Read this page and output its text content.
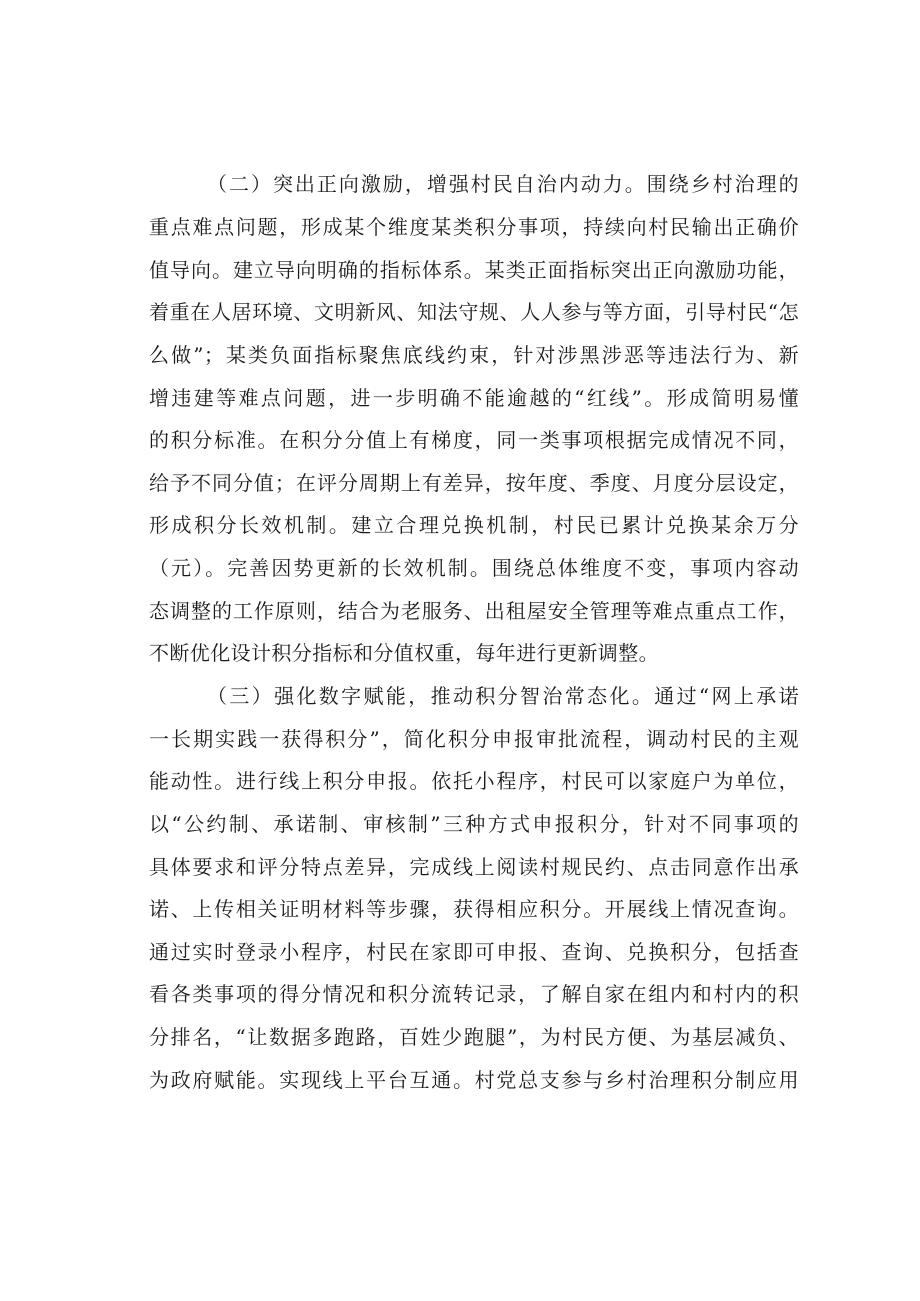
（二）突出正向激励，增强村民自治内动力。围绕乡村治理的
重点难点问题，形成某个维度某类积分事项，持续向村民输出正确价
值导向。建立导向明确的指标体系。某类正面指标突出正向激励功能，
着重在人居环境、文明新风、知法守规、人人参与等方面，引导村民“怎
么做”；某类负面指标聚焦底线约束，针对涉黑涉恶等违法行为、新
增违建等难点问题，进一步明确不能逾越的“红线”。形成简明易懂
的积分标准。在积分分值上有梯度，同一类事项根据完成情况不同，
给予不同分值；在评分周期上有差异，按年度、季度、月度分层设定，
形成积分长效机制。建立合理兑换机制，村民已累计兑换某余万分
（元）。完善因势更新的长效机制。围绕总体维度不变，事项内容动
态调整的工作原则，结合为老服务、出租屋安全管理等难点重点工作，
不断优化设计积分指标和分值权重，每年进行更新调整。
（三）强化数字赋能，推动积分智治常态化。通过“网上承诺
一长期实践一获得积分”，简化积分申报审批流程，调动村民的主观
能动性。进行线上积分申报。依托小程序，村民可以家庭户为单位，
以“公约制、承诺制、审核制”三种方式申报积分，针对不同事项的
具体要求和评分特点差异，完成线上阅读村规民约、点击同意作出承
诺、上传相关证明材料等步骤，获得相应积分。开展线上情况查询。
通过实时登录小程序，村民在家即可申报、查询、兑换积分，包括查
看各类事项的得分情况和积分流转记录，了解自家在组内和村内的积
分排名，“让数据多跑路，百姓少跑腿”，为村民方便、为基层减负、
为政府赋能。实现线上平台互通。村党总支参与乡村治理积分制应用
